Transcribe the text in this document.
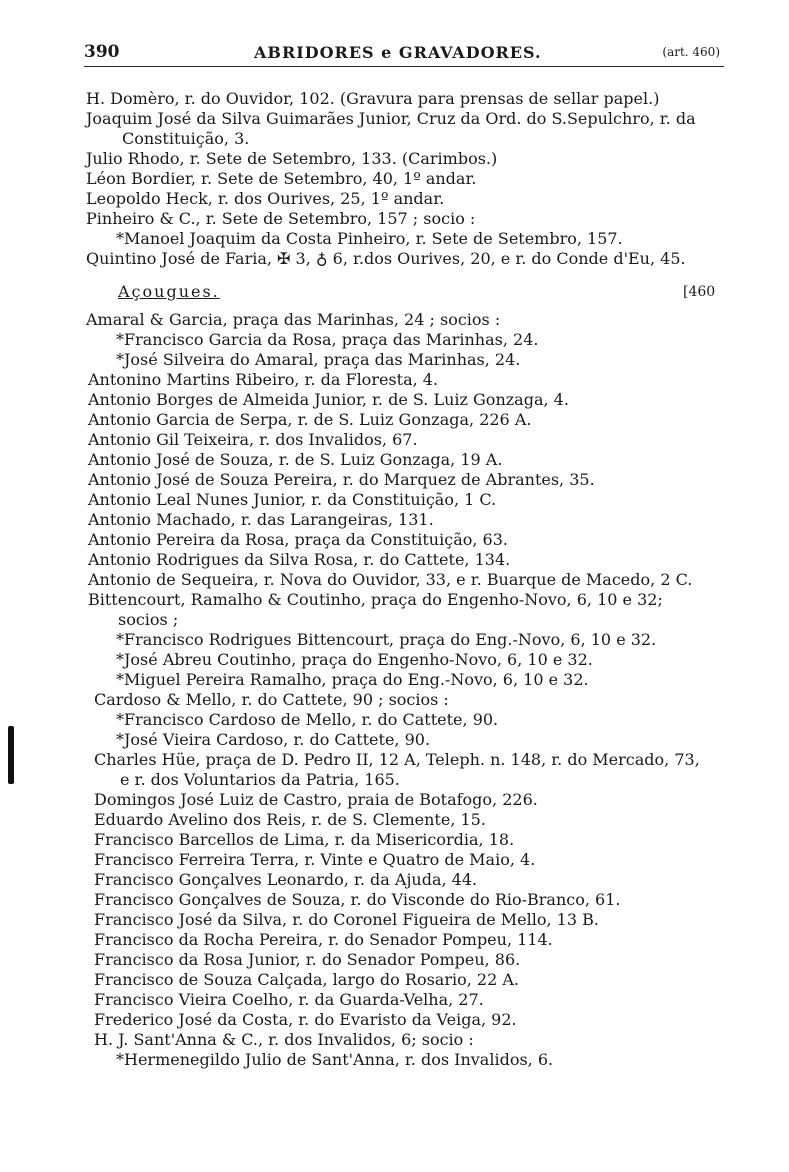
390	ABRIDORES e GRAVADORES.	(art. 460)
H. Domèro, r. do Ouvidor, 102. (Gravura para prensas de sellar papel.)
Joaquim José da Silva Guimarães Junior, Cruz da Ord. do S.Sepulchro, r. da
Constituição, 3.
Julio Rhodo, r. Sete de Setembro, 133. (Carimbos.)
Léon Bordier, r. Sete de Setembro, 40, 1º andar.
Leopoldo Heck, r. dos Ourives, 25, 1º andar.
Pinheiro & C., r. Sete de Setembro, 157 ; socio :
*Manoel Joaquim da Costa Pinheiro, r. Sete de Setembro, 157.
Quintino José de Faria, ✠ 3, ♁ 6, r.dos Ourives, 20, e r. do Conde d'Eu, 45.
Amaral & Garcia, praça das Marinhas, 24 ; socios :
*Francisco Garcia da Rosa, praça das Marinhas, 24.
*José Silveira do Amaral, praça das Marinhas, 24.
Antonino Martins Ribeiro, r. da Floresta, 4.
Antonio Borges de Almeida Junior, r. de S. Luiz Gonzaga, 4.
Antonio Garcia de Serpa, r. de S. Luiz Gonzaga, 226 A.
Antonio Gil Teixeira, r. dos Invalidos, 67.
Antonio José de Souza, r. de S. Luiz Gonzaga, 19 A.
Antonio José de Souza Pereira, r. do Marquez de Abrantes, 35.
Antonio Leal Nunes Junior, r. da Constituição, 1 C.
Antonio Machado, r. das Larangeiras, 131.
Antonio Pereira da Rosa, praça da Constituição, 63.
Antonio Rodrigues da Silva Rosa, r. do Cattete, 134.
Antonio de Sequeira, r. Nova do Ouvidor, 33, e r. Buarque de Macedo, 2 C.
Bittencourt, Ramalho & Coutinho, praça do Engenho-Novo, 6, 10 e 32;
socios ;
*Francisco Rodrigues Bittencourt, praça do Eng.-Novo, 6, 10 e 32.
*José Abreu Coutinho, praça do Engenho-Novo, 6, 10 e 32.
*Miguel Pereira Ramalho, praça do Eng.-Novo, 6, 10 e 32.
Cardoso & Mello, r. do Cattete, 90 ; socios :
*Francisco Cardoso de Mello, r. do Cattete, 90.
*José Vieira Cardoso, r. do Cattete, 90.
Charles Hüe, praça de D. Pedro II, 12 A, Teleph. n. 148, r. do Mercado, 73,
e r. dos Voluntarios da Patria, 165.
Domingos José Luiz de Castro, praia de Botafogo, 226.
Eduardo Avelino dos Reis, r. de S. Clemente, 15.
Francisco Barcellos de Lima, r. da Misericordia, 18.
Francisco Ferreira Terra, r. Vinte e Quatro de Maio, 4.
Francisco Gonçalves Leonardo, r. da Ajuda, 44.
Francisco Gonçalves de Souza, r. do Visconde do Rio-Branco, 61.
Francisco José da Silva, r. do Coronel Figueira de Mello, 13 B.
Francisco da Rocha Pereira, r. do Senador Pompeu, 114.
Francisco da Rosa Junior, r. do Senador Pompeu, 86.
Francisco de Souza Calçada, largo do Rosario, 22 A.
Francisco Vieira Coelho, r. da Guarda-Velha, 27.
Frederico José da Costa, r. do Evaristo da Veiga, 92.
H. J. Sant'Anna & C., r. dos Invalidos, 6; socio :
*Hermenegildo Julio de Sant'Anna, r. dos Invalidos, 6.
Açougues.	[460
